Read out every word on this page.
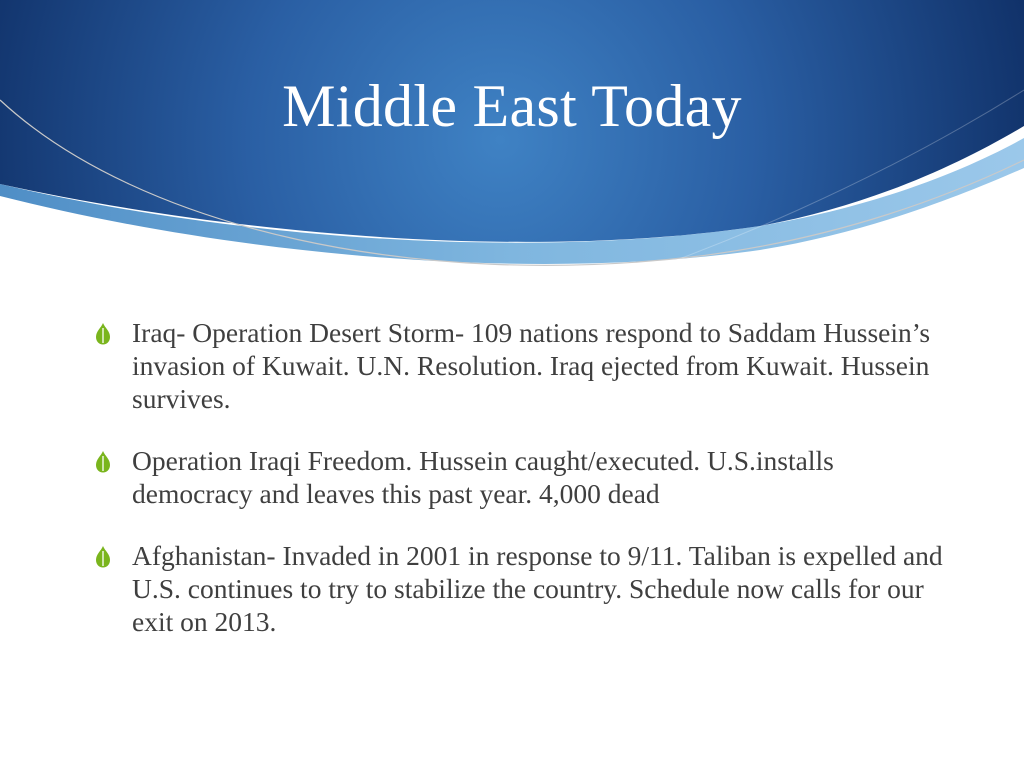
Middle East Today
Iraq- Operation Desert Storm- 109 nations respond to Saddam Hussein’s invasion of Kuwait. U.N. Resolution. Iraq ejected from Kuwait. Hussein survives.
Operation Iraqi Freedom. Hussein caught/executed. U.S.installs democracy and leaves this past year. 4,000 dead
Afghanistan- Invaded in 2001 in response to 9/11. Taliban is expelled and U.S. continues to try to stabilize the country. Schedule now calls for our exit on 2013.
